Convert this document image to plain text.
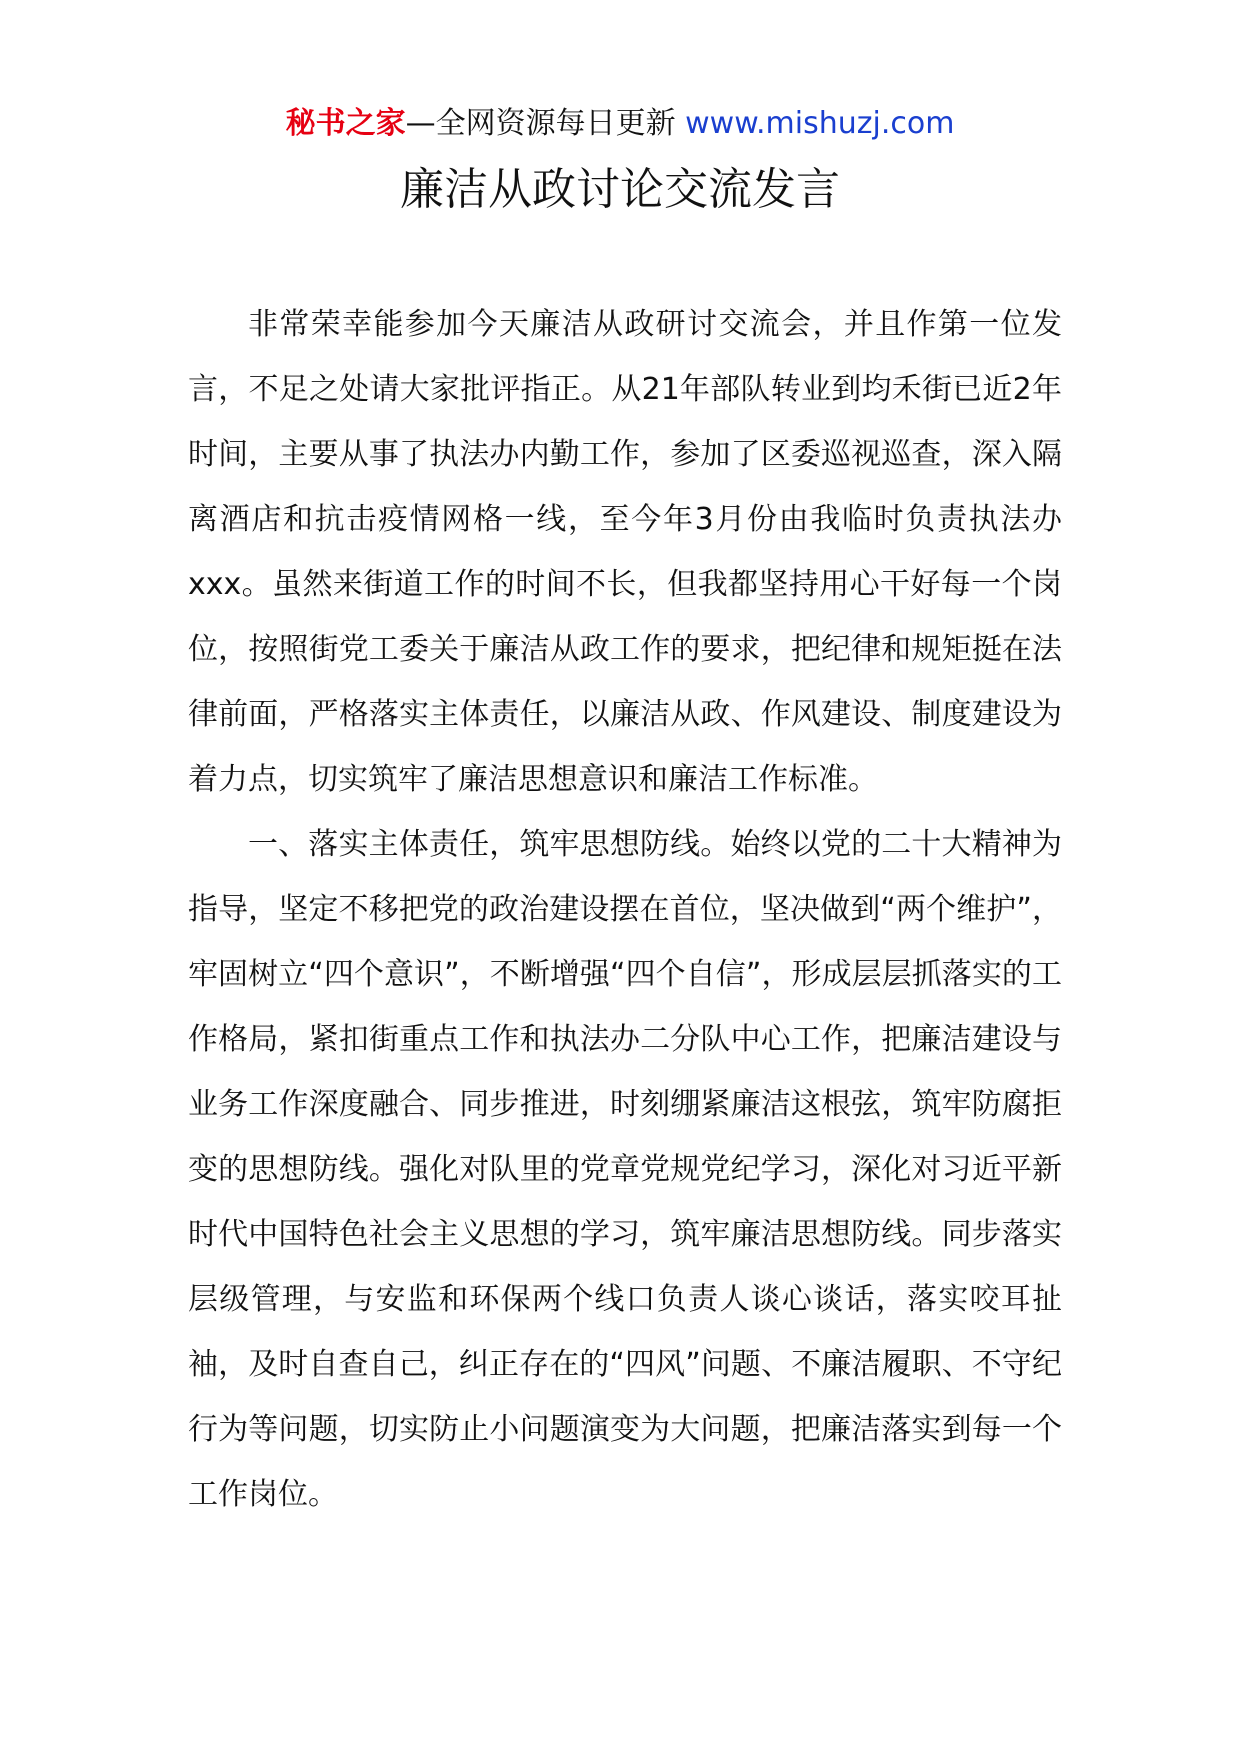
秘书之家—全网资源每日更新 www.mishuzj.com
廉洁从政讨论交流发言

非常荣幸能参加今天廉洁从政研讨交流会，并且作第一位发言，不足之处请大家批评指正。从21年部队转业到均禾街已近2年时间，主要从事了执法办内勤工作，参加了区委巡视巡查，深入隔离酒店和抗击疫情网格一线，至今年3月份由我临时负责执法办xxx。虽然来街道工作的时间不长，但我都坚持用心干好每一个岗位，按照街党工委关于廉洁从政工作的要求，把纪律和规矩挺在法律前面，严格落实主体责任，以廉洁从政、作风建设、制度建设为着力点，切实筑牢了廉洁思想意识和廉洁工作标准。

一、落实主体责任，筑牢思想防线。始终以党的二十大精神为指导，坚定不移把党的政治建设摆在首位，坚决做到“两个维护”，牢固树立“四个意识”，不断增强“四个自信”，形成层层抓落实的工作格局，紧扣街重点工作和执法办二分队中心工作，把廉洁建设与业务工作深度融合、同步推进，时刻绷紧廉洁这根弦，筑牢防腐拒变的思想防线。强化对队里的党章党规党纪学习，深化对习近平新时代中国特色社会主义思想的学习，筑牢廉洁思想防线。同步落实层级管理，与安监和环保两个线口负责人谈心谈话，落实咬耳扯袖，及时自查自己，纠正存在的“四风”问题、不廉洁履职、不守纪行为等问题，切实防止小问题演变为大问题，把廉洁落实到每一个工作岗位。
